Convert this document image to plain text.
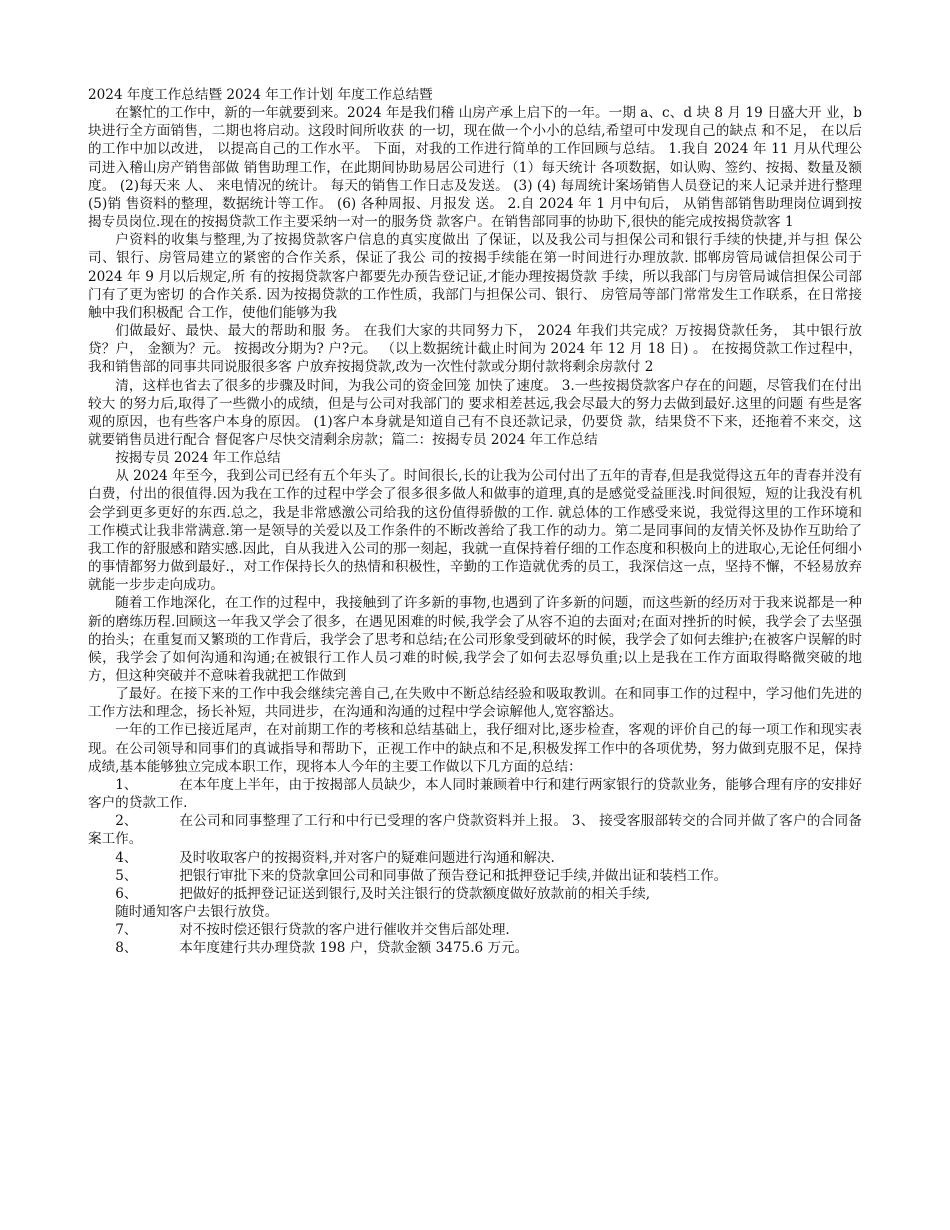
2024 年度工作总结暨 2024 年工作计划 年度工作总结暨

在繁忙的工作中，新的一年就要到来。2024 年是我们稽 山房产承上启下的一年。一期 a、c、d 块 8 月 19 日盛大开 业，b 块进行全方面销售，二期也将启动。这段时间所收获 的一切，现在做一个小小的总结,希望可中发现自己的缺点 和不足， 在以后的工作中加以改进， 以提高自己的工作水平。 下面，对我的工作进行简单的工作回顾与总结。 1.我自 2024 年 11 月从代理公司进入稽山房产销售部做 销售助理工作，在此期间协助易居公司进行（1）每天统计 各项数据，如认购、签约、按揭、数量及额度。 (2)每天来 人、 来电情况的统计。 每天的销售工作日志及发送。 (3) (4) 每周统计案场销售人员登记的来人记录并进行整理(5)销 售资料的整理，数据统计等工作。 (6) 各种周报、月报发 送。 2.自 2024 年 1 月中旬后， 从销售部销售助理岗位调到按 揭专员岗位.现在的按揭贷款工作主要采纳一对一的服务贷 款客户。在销售部同事的协助下,很快的能完成按揭贷款客 1

户资料的收集与整理,为了按揭贷款客户信息的真实度做出 了保证，以及我公司与担保公司和银行手续的快捷,并与担 保公司、银行、房管局建立的紧密的合作关系，保证了我公 司的按揭手续能在第一时间进行办理放款. 邯郸房管局诚信担保公司于 2024 年 9 月以后规定,所 有的按揭贷款客户都要先办预告登记证,才能办理按揭贷款 手续，所以我部门与房管局诚信担保公司部门有了更为密切 的合作关系. 因为按揭贷款的工作性质，我部门与担保公司、银行、 房管局等部门常常发生工作联系，在日常接触中我们积极配 合工作，使他们能够为我

们做最好、最快、最大的帮助和服 务。 在我们大家的共同努力下， 2024 年我们共完成？万按揭贷款任务， 其中银行放贷？户， 金额为？元。 按揭改分期为? 户?元。 （以上数据统计截止时间为 2024 年 12 月 18 日) 。 在按揭贷款工作过程中，我和销售部的同事共同说服很多客 户放弃按揭贷款,改为一次性付款或分期付款将剩余房款付 2

清，这样也省去了很多的步骤及时间，为我公司的资金回笼 加快了速度。 3.一些按揭贷款客户存在的问题，尽管我们在付出较大 的努力后,取得了一些微小的成绩，但是与公司对我部门的 要求相差甚远,我会尽最大的努力去做到最好.这里的问题 有些是客观的原因，也有些客户本身的原因。 (1)客户本身就是知道自己有不良还款记录，仍要贷 款，结果贷不下来，还拖着不来交，这就要销售员进行配合 督促客户尽快交清剩余房款；篇二：按揭专员 2024 年工作总结

按揭专员 2024 年工作总结

从 2024 年至今，我到公司已经有五个年头了。时间很长,长的让我为公司付出了五年的青春,但是我觉得这五年的青春并没有白费，付出的很值得.因为我在工作的过程中学会了很多很多做人和做事的道理,真的是感觉受益匪浅.时间很短，短的让我没有机会学到更多更好的东西.总之，我是非常感激公司给我的这份值得骄傲的工作. 就总体的工作感受来说，我觉得这里的工作环境和工作模式让我非常满意.第一是领导的关爱以及工作条件的不断改善给了我工作的动力。第二是同事间的友情关怀及协作互助给了我工作的舒服感和踏实感.因此，自从我进入公司的那一刻起，我就一直保持着仔细的工作态度和积极向上的进取心,无论任何细小的事情都努力做到最好.，对工作保持长久的热情和积极性，辛勤的工作造就优秀的员工，我深信这一点，坚持不懈，不轻易放弃就能一步步走向成功。

随着工作地深化，在工作的过程中，我接触到了许多新的事物,也遇到了许多新的问题，而这些新的经历对于我来说都是一种新的磨练历程.回顾这一年我又学会了很多，在遇见困难的时候,我学会了从容不迫的去面对;在面对挫折的时候，我学会了去坚强的抬头；在重复而又繁琐的工作背后，我学会了思考和总结;在公司形象受到破坏的时候，我学会了如何去维护;在被客户误解的时候，我学会了如何沟通和沟通;在被银行工作人员刁难的时候,我学会了如何去忍辱负重;以上是我在工作方面取得略微突破的地方，但这种突破并不意味着我就把工作做到

了最好。在接下来的工作中我会继续完善自己,在失败中不断总结经验和吸取教训。在和同事工作的过程中，学习他们先进的工作方法和理念，扬长补短，共同进步，在沟通和沟通的过程中学会谅解他人,宽容豁达。

一年的工作已接近尾声，在对前期工作的考核和总结基础上，我仔细对比,逐步检查，客观的评价自己的每一项工作和现实表现。在公司领导和同事们的真诚指导和帮助下，正视工作中的缺点和不足,积极发挥工作中的各项优势，努力做到克服不足，保持成绩,基本能够独立完成本职工作，现将本人今年的主要工作做以下几方面的总结：

1、	在本年度上半年，由于按揭部人员缺少，本人同时兼顾着中行和建行两家银行的贷款业务，能够合理有序的安排好客户的贷款工作.

2、	在公司和同事整理了工行和中行已受理的客户贷款资料并上报。 3、 接受客服部转交的合同并做了客户的合同备案工作。

4、	及时收取客户的按揭资料,并对客户的疑难问题进行沟通和解决.

5、	把银行审批下来的贷款拿回公司和同事做了预告登记和抵押登记手续,并做出证和装档工作。

6、	把做好的抵押登记证送到银行,及时关注银行的贷款额度做好放款前的相关手续,

随时通知客户去银行放贷。

7、	对不按时偿还银行贷款的客户进行催收并交售后部处理.

8、	本年度建行共办理贷款 198 户，贷款金额 3475.6 万元。
